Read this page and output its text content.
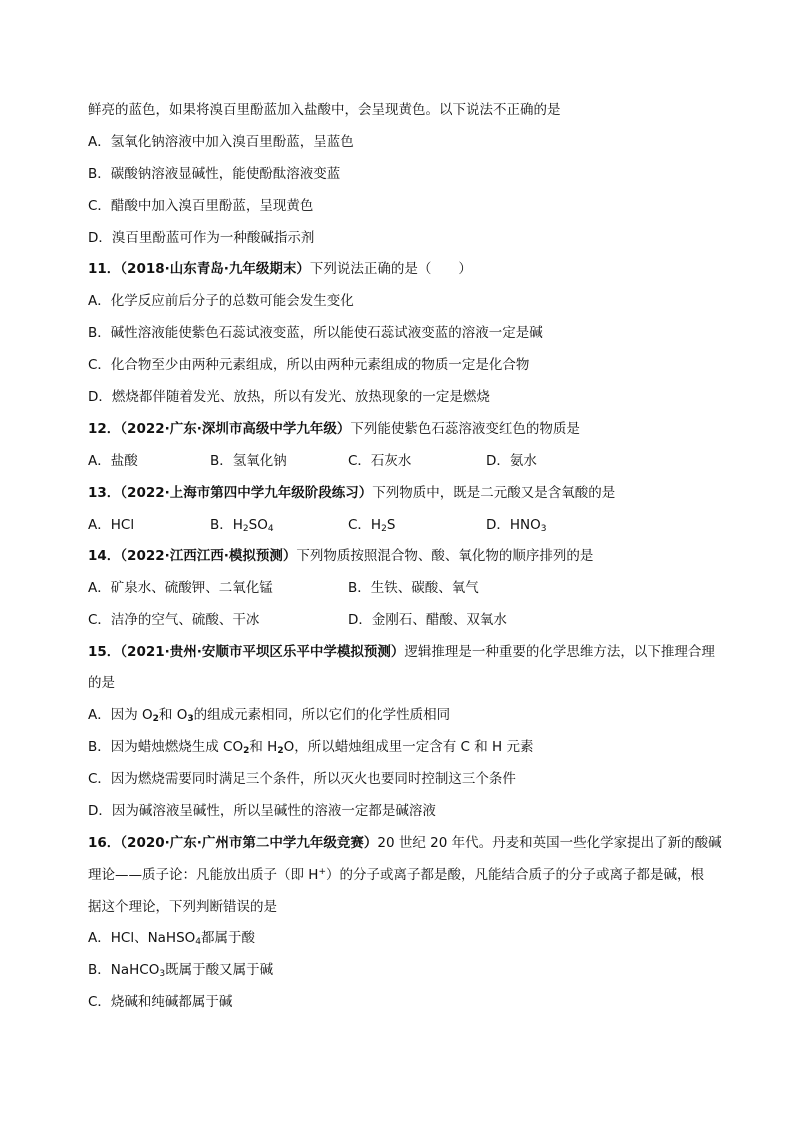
鲜亮的蓝色，如果将溴百里酚蓝加入盐酸中，会呈现黄色。以下说法不正确的是
A．氢氧化钠溶液中加入溴百里酚蓝，呈蓝色
B．碳酸钠溶液显碱性，能使酚酞溶液变蓝
C．醋酸中加入溴百里酚蓝，呈现黄色
D．溴百里酚蓝可作为一种酸碱指示剂
11．（2018·山东青岛·九年级期末）下列说法正确的是（　　）
A．化学反应前后分子的总数可能会发生变化
B．碱性溶液能使紫色石蕊试液变蓝，所以能使石蕊试液变蓝的溶液一定是碱
C．化合物至少由两种元素组成，所以由两种元素组成的物质一定是化合物
D．燃烧都伴随着发光、放热，所以有发光、放热现象的一定是燃烧
12．（2022·广东·深圳市高级中学九年级）下列能使紫色石蕊溶液变红色的物质是
A．盐酸	B．氢氧化钠	C．石灰水	D．氨水
13．（2022·上海市第四中学九年级阶段练习）下列物质中，既是二元酸又是含氧酸的是
A．HCl	B．$H_2SO_4$	C．$H_2S$	D．$HNO_3$
14．（2022·江西江西·模拟预测）下列物质按照混合物、酸、氧化物的顺序排列的是
A．矿泉水、硫酸钾、二氧化锰	B．生铁、碳酸、氧气
C．洁净的空气、硫酸、干冰	D．金刚石、醋酸、双氧水
15．（2021·贵州·安顺市平坝区乐平中学模拟预测）逻辑推理是一种重要的化学思维方法，以下推理合理
的是
A．因为 $O_2$和 $O_3$的组成元素相同，所以它们的化学性质相同
B．因为蜡烛燃烧生成 $CO_2$和 $H_2O$，所以蜡烛组成里一定含有 C 和 H 元素
C．因为燃烧需要同时满足三个条件，所以灭火也要同时控制这三个条件
D．因为碱溶液呈碱性，所以呈碱性的溶液一定都是碱溶液
16．（2020·广东·广州市第二中学九年级竞赛）20 世纪 20 年代。丹麦和英国一些化学家提出了新的酸碱
理论——质子论：凡能放出质子（即 H+）的分子或离子都是酸，凡能结合质子的分子或离子都是碱，根
据这个理论，下列判断错误的是
A．HCl、NaHSO$_4$都属于酸
B．NaHCO$_3$既属于酸又属于碱
C．烧碱和纯碱都属于碱
